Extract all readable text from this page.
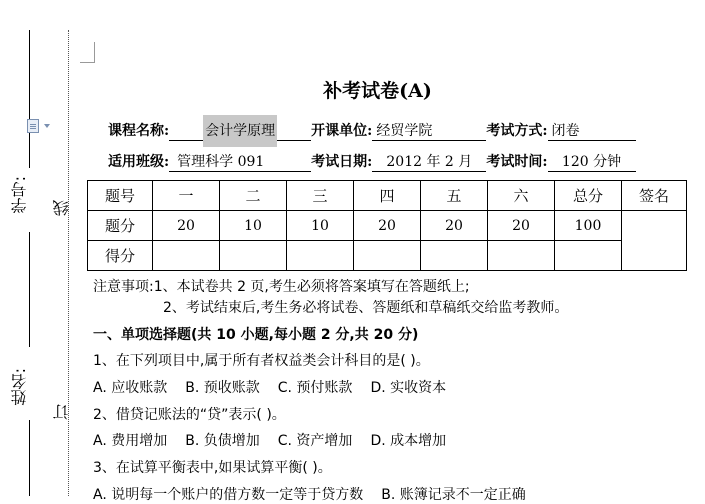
学号:
姓名:
线
订
补考试卷(A)
课程名称:	会计学原理	开课单位: 经贸学院	考试方式: 闭卷
适用班级: 管理科学 091	考试日期: 2012 年 2 月 考试时间: 120 分钟
题号	一	二	三	四	五	六	总分	签名
题分	20	10	10	20	20	20	100	
得分								
注意事项:1、本试卷共 2 页,考生必须将答案填写在答题纸上;
2、考试结束后,考生务必将试卷、答题纸和草稿纸交给监考教师。
一、单项选择题(共 10 小题,每小题 2 分,共 20 分)
1、在下列项目中,属于所有者权益类会计科目的是( )。
A. 应收账款 B. 预收账款 C. 预付账款 D. 实收资本
2、借贷记账法的“贷”表示( )。
A. 费用增加 B. 负债增加 C. 资产增加 D. 成本增加
3、在试算平衡表中,如果试算平衡( )。
A. 说明每一个账户的借方数一定等于贷方数 B. 账簿记录不一定正确
